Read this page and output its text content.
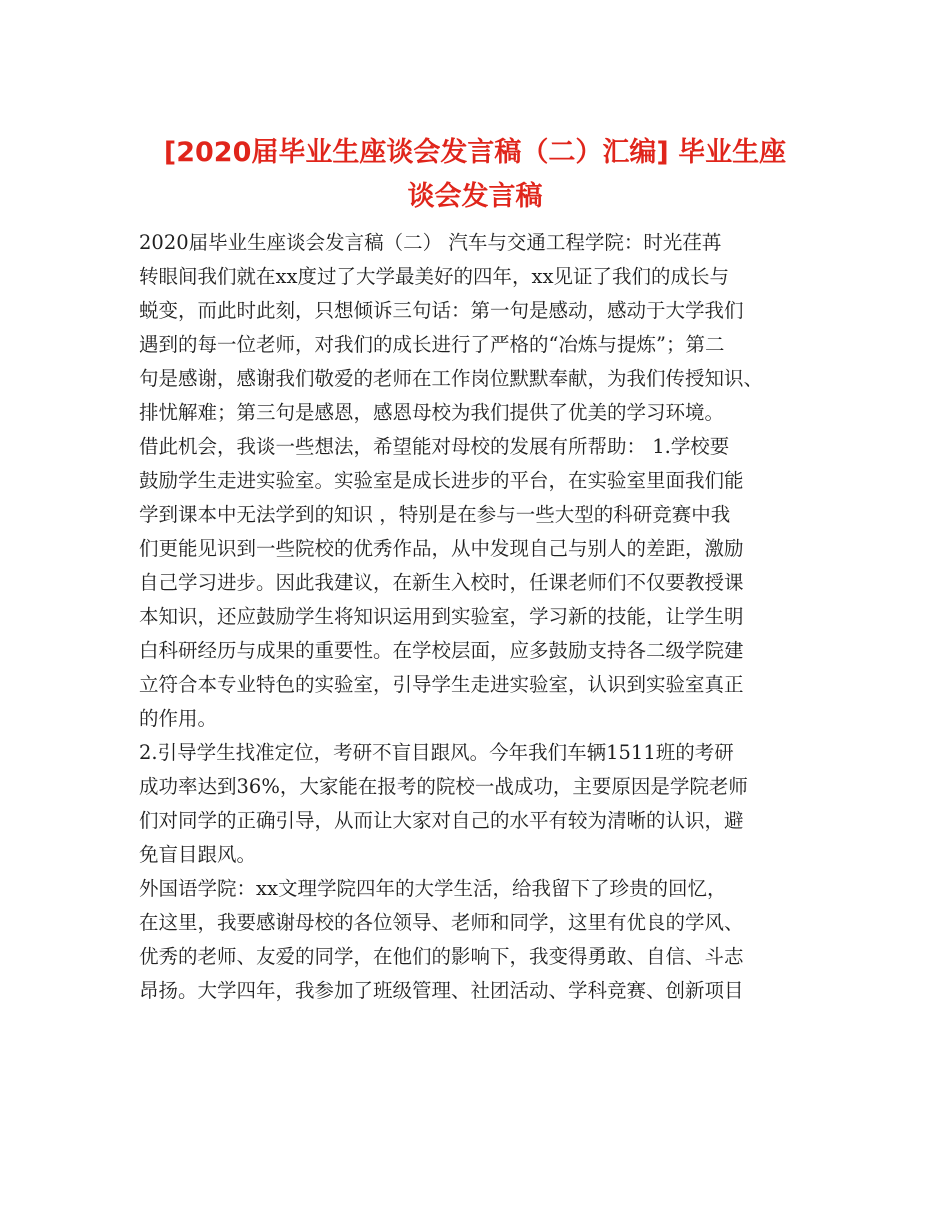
[2020届毕业生座谈会发言稿（二）汇编] 毕业生座
谈会发言稿
2020届毕业生座谈会发言稿（二） 汽车与交通工程学院：时光荏苒
转眼间我们就在xx度过了大学最美好的四年，xx见证了我们的成长与
蜕变，而此时此刻，只想倾诉三句话：第一句是感动，感动于大学我们
遇到的每一位老师，对我们的成长进行了严格的“冶炼与提炼”；第二
句是感谢，感谢我们敬爱的老师在工作岗位默默奉献，为我们传授知识、
排忧解难；第三句是感恩，感恩母校为我们提供了优美的学习环境。
借此机会，我谈一些想法，希望能对母校的发展有所帮助： 1.学校要
鼓励学生走进实验室。实验室是成长进步的平台，在实验室里面我们能
学到课本中无法学到的知识 ，特别是在参与一些大型的科研竞赛中我
们更能见识到一些院校的优秀作品，从中发现自己与别人的差距，激励
自己学习进步。因此我建议，在新生入校时，任课老师们不仅要教授课
本知识，还应鼓励学生将知识运用到实验室，学习新的技能，让学生明
白科研经历与成果的重要性。在学校层面，应多鼓励支持各二级学院建
立符合本专业特色的实验室，引导学生走进实验室，认识到实验室真正
的作用。
2.引导学生找准定位，考研不盲目跟风。今年我们车辆1511班的考研
成功率达到36%，大家能在报考的院校一战成功，主要原因是学院老师
们对同学的正确引导，从而让大家对自己的水平有较为清晰的认识，避
免盲目跟风。
外国语学院：xx文理学院四年的大学生活，给我留下了珍贵的回忆，
在这里，我要感谢母校的各位领导、老师和同学，这里有优良的学风、
优秀的老师、友爱的同学，在他们的影响下，我变得勇敢、自信、斗志
昂扬。大学四年，我参加了班级管理、社团活动、学科竞赛、创新项目
